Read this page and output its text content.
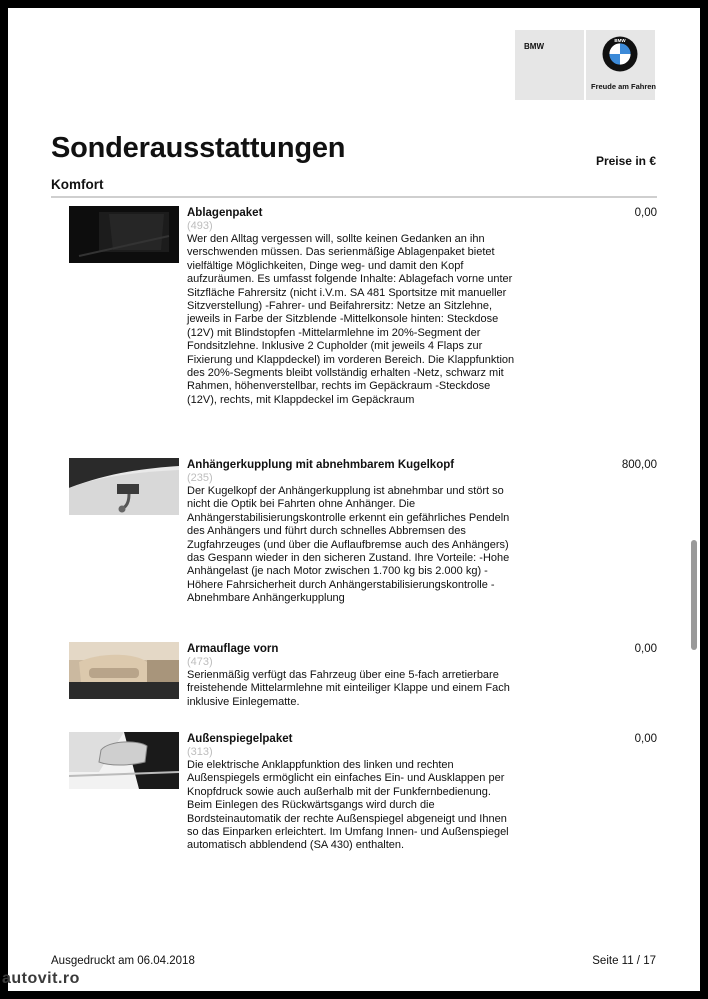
BMW
BMW
Freude am Fahren
Sonderausstattungen	Preise in €
Komfort
Ablagenpaket
(493)

Wer den Alltag vergessen will, sollte keinen Gedanken an ihn verschwenden müssen. Das serienmäßige Ablagenpaket bietet vielfältige Möglichkeiten, Dinge weg- und damit den Kopf aufzuräumen. Es umfasst folgende Inhalte: Ablagefach vorne unter Sitzfläche Fahrersitz (nicht i.V.m. SA 481 Sportsitze mit manueller Sitzverstellung) -Fahrer- und Beifahrersitz: Netze an Sitzlehne, jeweils in Farbe der Sitzblende -Mittelkonsole hinten: Steckdose (12V) mit Blindstopfen -Mittelarmlehne im 20%-Segment der Fondsitzlehne. Inklusive 2 Cupholder (mit jeweils 4 Flaps zur Fixierung und Klappdeckel) im vorderen Bereich. Die Klappfunktion des 20%-Segments bleibt vollständig erhalten -Netz, schwarz mit Rahmen, höhenverstellbar, rechts im Gepäckraum -Steckdose (12V), rechts, mit Klappdeckel im Gepäckraum

0,00
Anhängerkupplung mit abnehmbarem Kugelkopf
(235)

Der Kugelkopf der Anhängerkupplung ist abnehmbar und stört so nicht die Optik bei Fahrten ohne Anhänger. Die Anhängerstabilisierungskontrolle erkennt ein gefährliches Pendeln des Anhängers und führt durch schnelles Abbremsen des Zugfahrzeuges (und über die Auflaufbremse auch des Anhängers) das Gespann wieder in den sicheren Zustand. Ihre Vorteile: -Hohe Anhängelast (je nach Motor zwischen 1.700 kg bis 2.000 kg) -Höhere Fahrsicherheit durch Anhängerstabilisierungskontrolle -Abnehmbare Anhängerkupplung

800,00
Armauflage vorn
(473)

Serienmäßig verfügt das Fahrzeug über eine 5-fach arretierbare freistehende Mittelarmlehne mit einteiliger Klappe und einem Fach inklusive Einlegematte.

0,00
Außenspiegelpaket
(313)

Die elektrische Anklappfunktion des linken und rechten Außenspiegels ermöglicht ein einfaches Ein- und Ausklappen per Knopfdruck sowie auch außerhalb mit der Funkfernbedienung. Beim Einlegen des Rückwärtsgangs wird durch die Bordsteinautomatik der rechte Außenspiegel abgeneigt und Ihnen so das Einparken erleichtert. Im Umfang Innen- und Außenspiegel automatisch abblendend (SA 430) enthalten.

0,00
Ausgedruckt am 06.04.2018	Seite 11 / 17
autovit.ro
